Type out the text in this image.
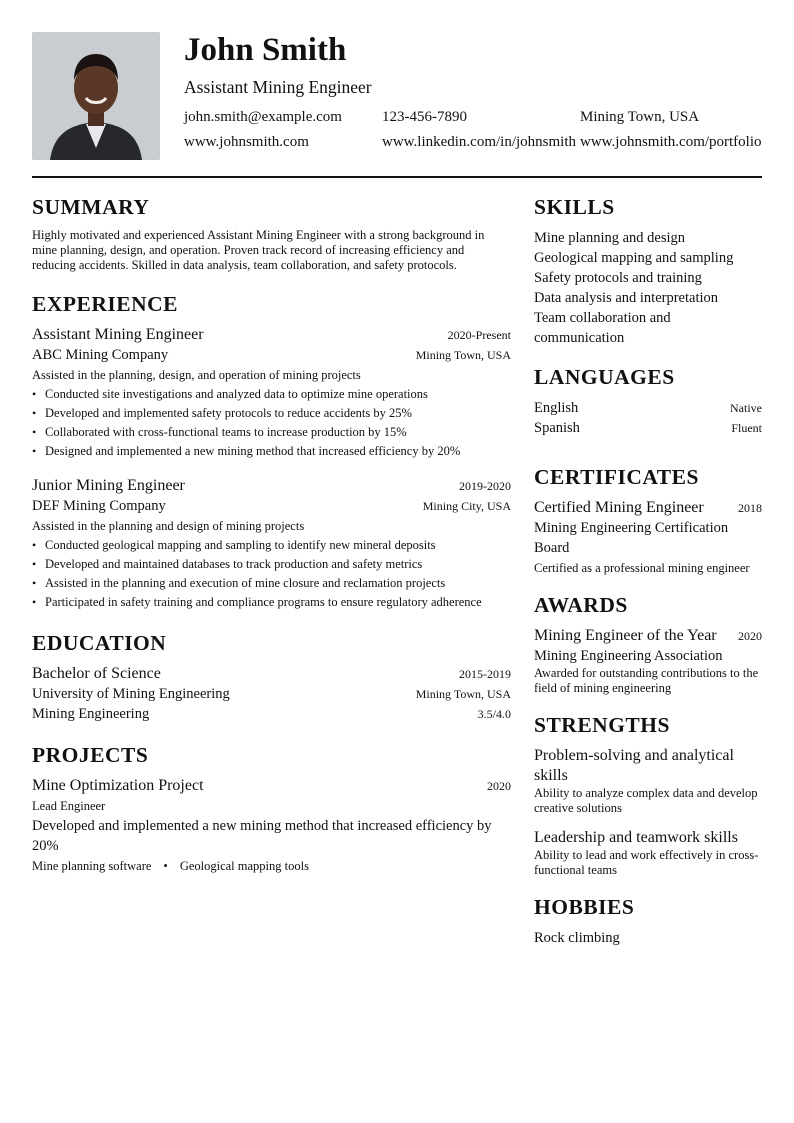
John Smith
Assistant Mining Engineer
john.smith@example.com	123-456-7890	Mining Town, USA
www.johnsmith.com	www.linkedin.com/in/johnsmith www.johnsmith.com/portfolio
SUMMARY
Highly motivated and experienced Assistant Mining Engineer with a strong background in mine planning, design, and operation. Proven track record of increasing efficiency and reducing accidents. Skilled in data analysis, team collaboration, and safety protocols.
EXPERIENCE
Assistant Mining Engineer	2020-Present
ABC Mining Company	Mining Town, USA
Assisted in the planning, design, and operation of mining projects
• Conducted site investigations and analyzed data to optimize mine operations
• Developed and implemented safety protocols to reduce accidents by 25%
• Collaborated with cross-functional teams to increase production by 15%
• Designed and implemented a new mining method that increased efficiency by 20%
Junior Mining Engineer	2019-2020
DEF Mining Company	Mining City, USA
Assisted in the planning and design of mining projects
• Conducted geological mapping and sampling to identify new mineral deposits
• Developed and maintained databases to track production and safety metrics
• Assisted in the planning and execution of mine closure and reclamation projects
• Participated in safety training and compliance programs to ensure regulatory adherence
EDUCATION
Bachelor of Science	2015-2019
University of Mining Engineering	Mining Town, USA
Mining Engineering	3.5/4.0
PROJECTS
Mine Optimization Project	2020
Lead Engineer
Developed and implemented a new mining method that increased efficiency by 20%
Mine planning software • Geological mapping tools
SKILLS
Mine planning and design
Geological mapping and sampling
Safety protocols and training
Data analysis and interpretation
Team collaboration and communication
LANGUAGES
English	Native
Spanish	Fluent
CERTIFICATES
Certified Mining Engineer	2018
Mining Engineering Certification Board
Certified as a professional mining engineer
AWARDS
Mining Engineer of the Year 2020
Mining Engineering Association
Awarded for outstanding contributions to the field of mining engineering
STRENGTHS
Problem-solving and analytical skills
Ability to analyze complex data and develop creative solutions
Leadership and teamwork skills
Ability to lead and work effectively in cross-functional teams
HOBBIES
Rock climbing
